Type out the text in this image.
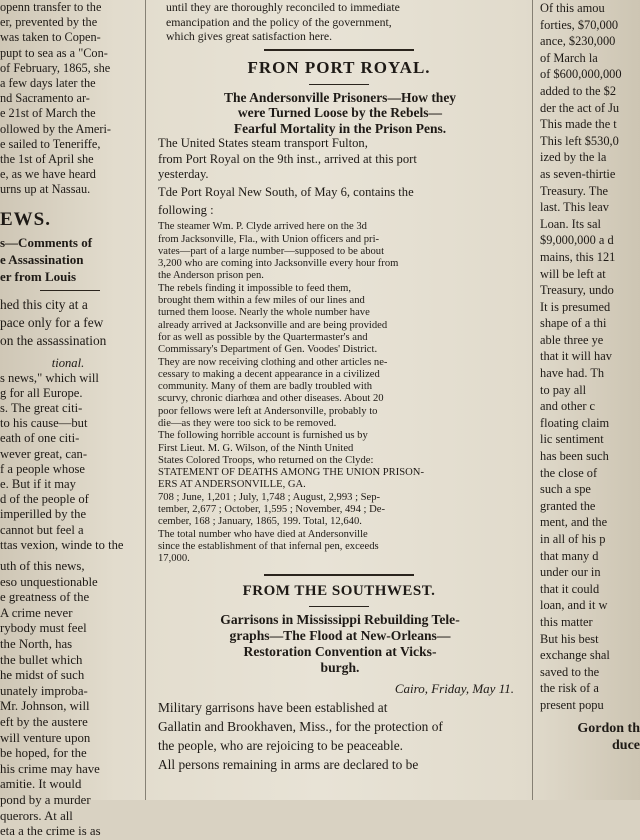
openn transfer to the
er, prevented by the
was taken to Copen-
pupt to sea as a "Con-
of February, 1865, she
a few days later the
nd Sacramento ar-
e 21st of March the
ollowed by the Ameri-
e sailed to Teneriffe,
the 1st of April she
e, as we have heard
urns up at Nassau.
EWS.
s—Comments of
e Assassination
er from Louis
hed this city at a
pace only for a few
on the assassination
tional.
s news," which will
g for all Europe.
s. The great citi-
to his cause—but
eath of one citi-
wever great, can-
f a people whose
e. But if it may
d of the people of
imperilled by the
cannot but feel a
ttas vexion, winde to the
uth of this news,
eso unquestionable
e greatness of the
A crime never
rybody must feel
the North, has
the bullet which
he midst of such
unately improba-
Mr. Johnson, will
eft by the austere
will venture upon
be hoped, for the
his crime may have
amitie. It would
pond by a murder
querors. At all
eta a the crime is as
until they are thoroughly reconciled to immediate
emancipation and the policy of the government,
which gives great satisfaction here.
FRON PORT ROYAL.
The Andersonville Prisoners—How they
were Turned Loose by the Rebels—
Fearful Mortality in the Prison Pens.
The United States steam transport Fulton,
from Port Royal on the 9th inst., arrived at this port
yesterday.
Tde Port Royal New South, of May 6, contains the
following :
The steamer Wm. P. Clyde arrived here on the 3d
from Jacksonville, Fla., with Union officers and pri-
vates—part of a large number—supposed to be about
3,200 who are coming into Jacksonville every hour from
the Anderson prison pen.
The rebels finding it impossible to feed them,
brought them within a few miles of our lines and
turned them loose. Nearly the whole number have
already arrived at Jacksonville and are being provided
for as well as possible by the Quartermaster's and
Commissary's Department of Gen. Voodes' District.
They are now receiving clothing and other articles ne-
cessary to making a decent appearance in a civilized
community. Many of them are badly troubled with
scurvy, chronic diarhœa and other diseases. About 20
poor fellows were left at Andersonville, probably to
die—as they were too sick to be removed.
The following horrible account is furnished us by
First Lieut. M. G. Wilson, of the Ninth United
States Colored Troops, who returned on the Clyde:
STATEMENT OF DEATHS AMONG THE UNION PRISON-
ERS AT ANDERSONVILLE, GA.
708 ; June, 1,201 ; July, 1,748 ; August, 2,993 ; Sep-
tember, 2,677 ; October, 1,595 ; November, 494 ; De-
cember, 168 ; January, 1865, 199. Total, 12,640.
The total number who have died at Andersonville
since the establishment of that infernal pen, exceeds
17,000.
FROM THE SOUTHWEST.
Garrisons in Mississippi Rebuilding Tele-
graphs—The Flood at New-Orleans—
Restoration Convention at Vicks-
burgh.
Cairo, Friday, May 11.
Military garrisons have been established at
Gallatin and Brookhaven, Miss., for the protection of
the people, who are rejoicing to be peaceable.
All persons remaining in arms are declared to be
Of this amou
forties, $70,000
ance, $230,000
of March la
of $600,000,000
added to the $2
der the act of Ju
This made the t
This left $530,0
ized by the la
as seven-thirtie
Treasury. The
last. This leav
Loan. Its sal
$9,000,000 a d
mains, this 121
will be left at
Treasury, undo
It is presumed
shape of a thi
able three ye
that it will hav
have had. Th
to pay all
and other c
floating claim
lic sentiment
has been such
the close of
such a spe
granted the
ment, and the
in all of his p
that many d
under our in
that it could
loan, and it w
this matter
But his best
exchange shal
saved to the
the risk of a
present popu
Gordon th
duce
